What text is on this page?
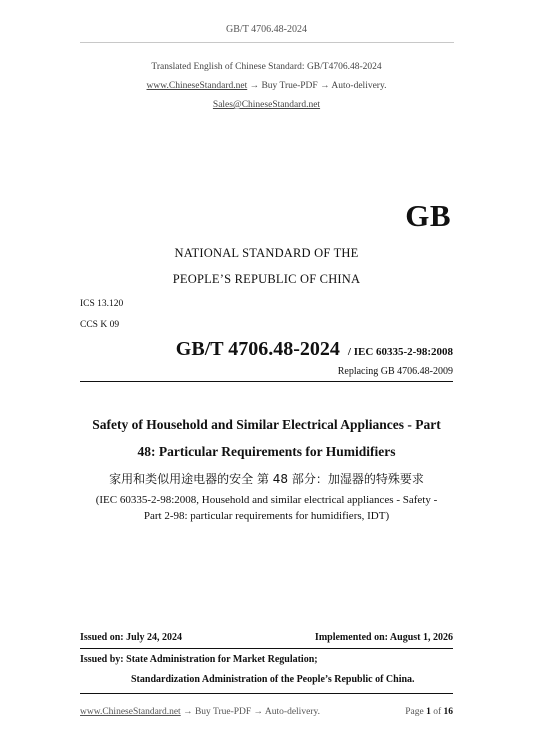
GB/T 4706.48-2024
Translated English of Chinese Standard: GB/T4706.48-2024
www.ChineseStandard.net → Buy True-PDF → Auto-delivery.
Sales@ChineseStandard.net
GB
NATIONAL STANDARD OF THE
PEOPLE’S REPUBLIC OF CHINA
ICS 13.120
CCS K 09
GB/T 4706.48-2024 / IEC 60335-2-98:2008
Replacing GB 4706.48-2009
Safety of Household and Similar Electrical Appliances - Part
48: Particular Requirements for Humidifiers
家用和类似用途电器的安全 第 48 部分：加湿器的特殊要求
(IEC 60335-2-98:2008, Household and similar electrical appliances - Safety -
Part 2-98: particular requirements for humidifiers, IDT)
Issued on: July 24, 2024	Implemented on: August 1, 2026
Issued by: State Administration for Market Regulation;
Standardization Administration of the People’s Republic of China.
www.ChineseStandard.net → Buy True-PDF → Auto-delivery.	Page 1 of 16
